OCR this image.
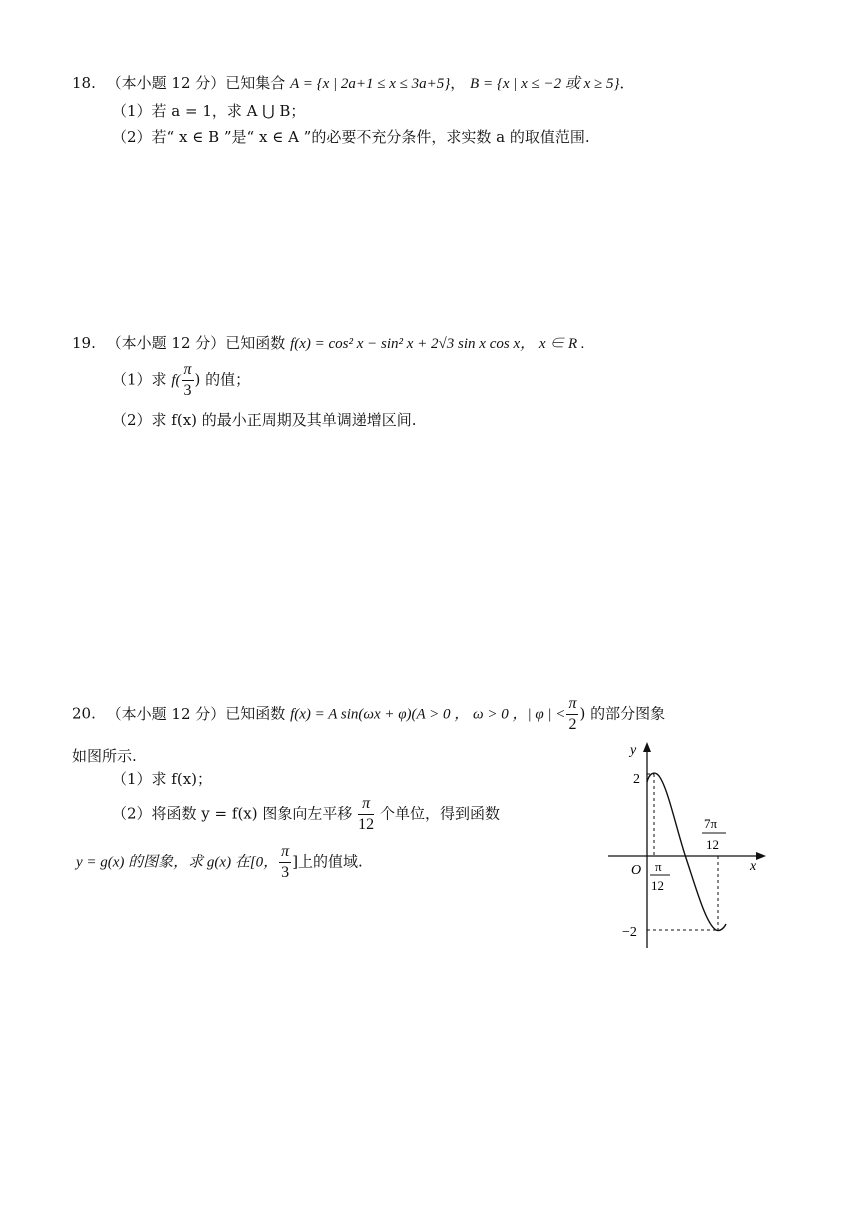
18. （本小题 12 分）已知集合 A = {x | 2a+1 ≤ x ≤ 3a+5}， B = {x | x ≤ −2 或 x ≥ 5}．
（1）若 a = 1，求 A ⋃ B；
（2）若“ x ∈ B ”是“ x ∈ A ”的必要不充分条件，求实数 a 的取值范围.
19. （本小题 12 分）已知函数 f(x) = cos² x − sin² x + 2√3 sin x cos x， x ∈ R .
（1）求 $f( \frac{\pi}{3}$ ) 的值；
（2）求 f(x) 的最小正周期及其单调递增区间.
20. （本小题 12 分）已知函数 f(x) = A sin(ωx + φ)(A > 0 ， ω > 0 ，| φ | < $\frac{\pi}{2}$ ) 的部分图象
如图所示.
（1）求 f(x)；
（2）将函数 y = f(x) 图象向左平移 $\frac{\pi}{12}$ 个单位，得到函数
y = g(x) 的图象，求 g(x) 在[0， $\frac{\pi}{3}$ ]上的值域.
y
x
O
2
−2
π
12
7π
12
